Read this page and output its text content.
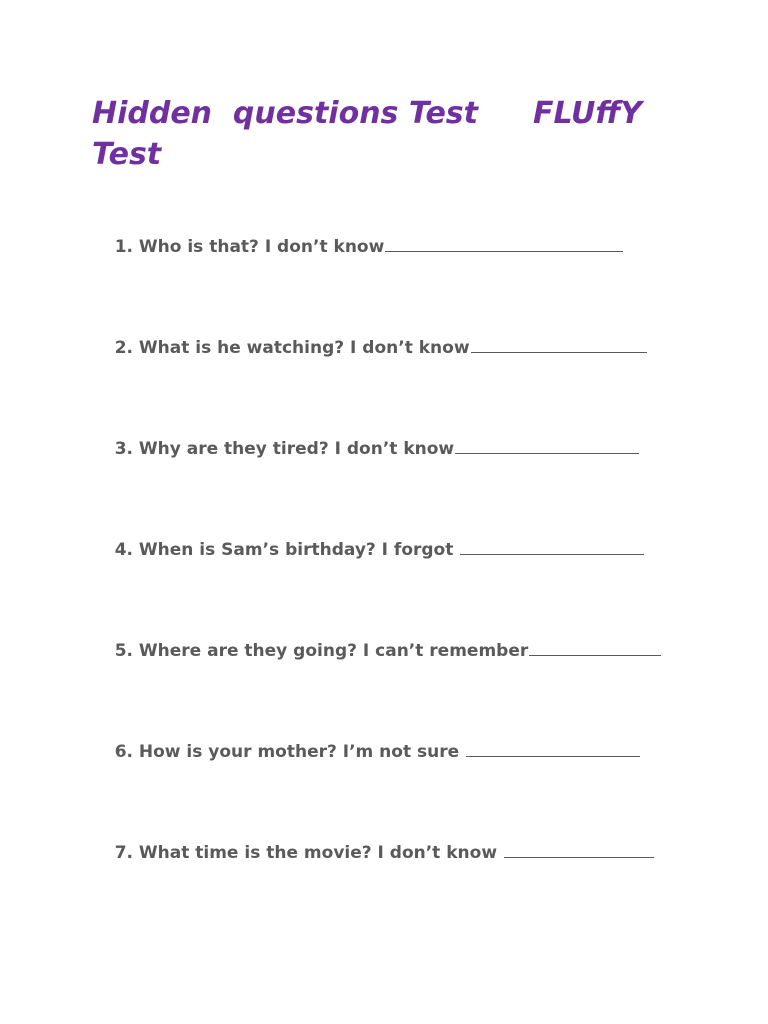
Hidden  questions Test FLUffY
Test

1. Who is that? I don’t know

2. What is he watching? I don’t know

3. Why are they tired? I don’t know

4. When is Sam’s birthday? I forgot

5. Where are they going? I can’t remember

6. How is your mother? I’m not sure

7. What time is the movie? I don’t know
